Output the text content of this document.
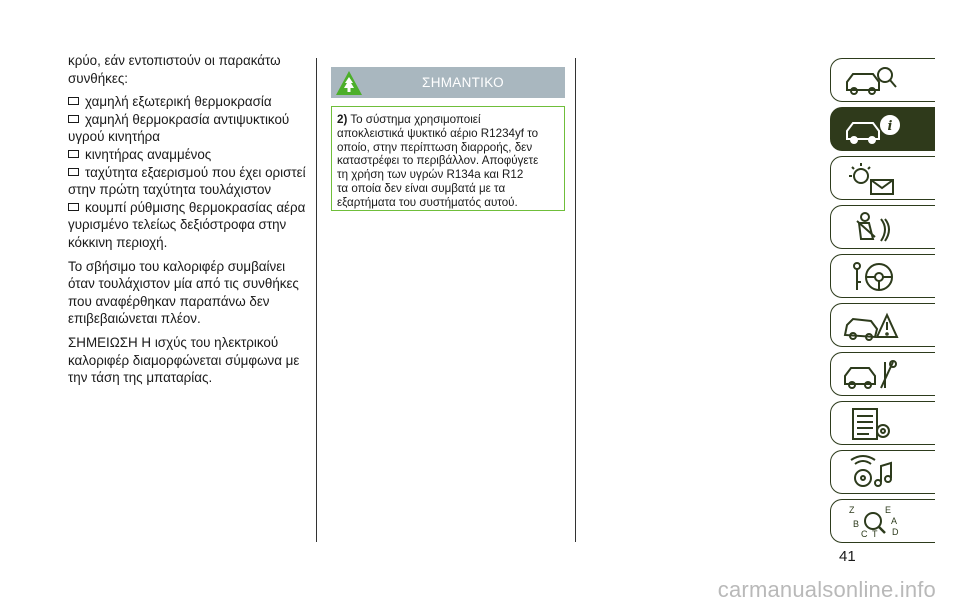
κρύο, εάν εντοπιστούν οι παρακάτω
συνθήκες:

χαμηλή εξωτερική θερμοκρασία
χαμηλή θερμοκρασία αντιψυκτικού
υγρού κινητήρα
κινητήρας αναμμένος
ταχύτητα εξαερισμού που έχει οριστεί
στην πρώτη ταχύτητα τουλάχιστον
κουμπί ρύθμισης θερμοκρασίας αέρα
γυρισμένο τελείως δεξιόστροφα στην
κόκκινη περιοχή.

Το σβήσιμο του καλοριφέρ συμβαίνει
όταν τουλάχιστον μία από τις συνθήκες
που αναφέρθηκαν παραπάνω δεν
επιβεβαιώνεται πλέον.

ΣΗΜΕΙΩΣΗ Η ισχύς του ηλεκτρικού
καλοριφέρ διαμορφώνεται σύμφωνα με
την τάση της μπαταρίας.

ΣΗΜΑΝΤΙΚΟ
2) Το σύστημα χρησιμοποιεί
αποκλειστικά ψυκτικό αέριο R1234yf το
οποίο, στην περίπτωση διαρροής, δεν
καταστρέφει το περιβάλλον. Αποφύγετε
τη χρήση των υγρών R134a και R12
τα οποία δεν είναι συμβατά με τα
εξαρτήματα του συστήματός αυτού.
i
Z	E
A
B
C T D
41
carmanualsonline.info
